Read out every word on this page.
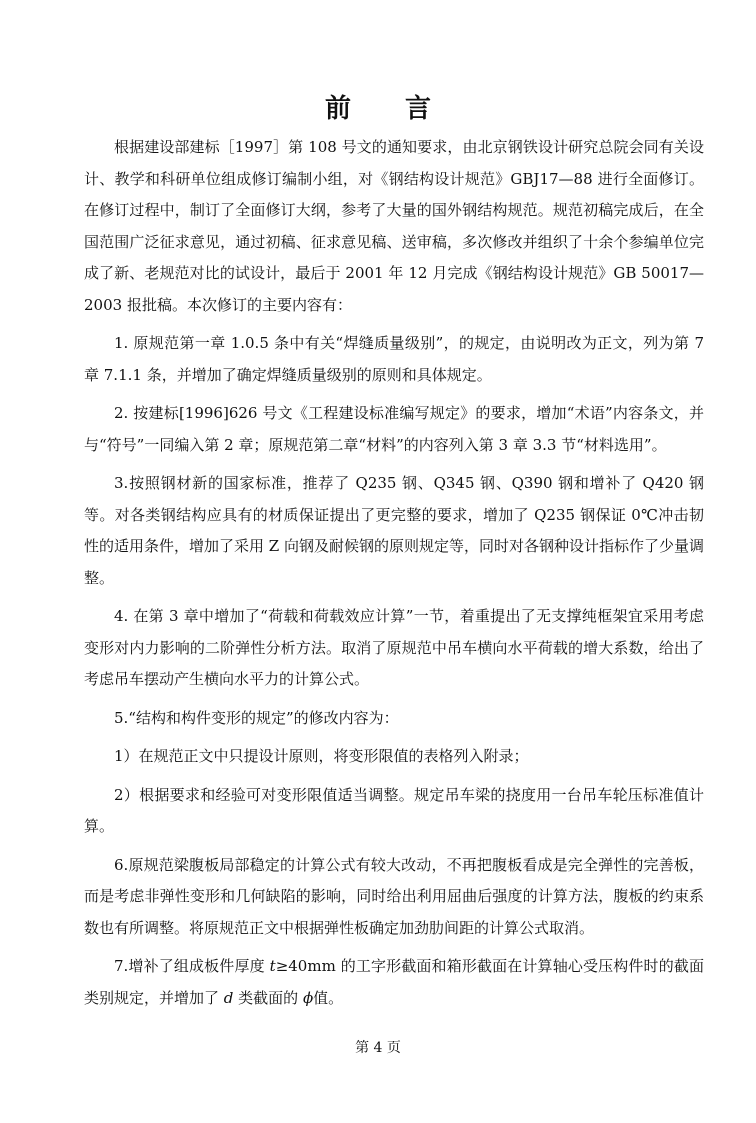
前 言

根据建设部建标［1997］第 108 号文的通知要求，由北京钢铁设计研究总院会同有关设计、教学和科研单位组成修订编制小组，对《钢结构设计规范》GBJ17—88 进行全面修订。在修订过程中，制订了全面修订大纲，参考了大量的国外钢结构规范。规范初稿完成后，在全国范围广泛征求意见，通过初稿、征求意见稿、送审稿，多次修改并组织了十余个参编单位完成了新、老规范对比的试设计，最后于 2001 年 12 月完成《钢结构设计规范》GB 50017—2003 报批稿。本次修订的主要内容有：

1. 原规范第一章 1.0.5 条中有关“焊缝质量级别”，的规定，由说明改为正文，列为第 7 章 7.1.1 条，并增加了确定焊缝质量级别的原则和具体规定。

2. 按建标[1996]626 号文《工程建设标准编写规定》的要求，增加“术语”内容条文，并与“符号”一同编入第 2 章；原规范第二章“材料”的内容列入第 3 章 3.3 节“材料选用”。

3.按照钢材新的国家标准，推荐了 Q235 钢、Q345 钢、Q390 钢和增补了 Q420 钢等。对各类钢结构应具有的材质保证提出了更完整的要求，增加了 Q235 钢保证 0℃冲击韧性的适用条件，增加了采用 Z 向钢及耐候钢的原则规定等，同时对各钢种设计指标作了少量调整。

4. 在第 3 章中增加了“荷载和荷载效应计算”一节，着重提出了无支撑纯框架宜采用考虑变形对内力影响的二阶弹性分析方法。取消了原规范中吊车横向水平荷载的增大系数，给出了考虑吊车摆动产生横向水平力的计算公式。

5.“结构和构件变形的规定”的修改内容为：

1）在规范正文中只提设计原则，将变形限值的表格列入附录；

2）根据要求和经验可对变形限值适当调整。规定吊车梁的挠度用一台吊车轮压标准值计算。

6.原规范梁腹板局部稳定的计算公式有较大改动，不再把腹板看成是完全弹性的完善板，而是考虑非弹性变形和几何缺陷的影响，同时给出利用屈曲后强度的计算方法，腹板的约束系数也有所调整。将原规范正文中根据弹性板确定加劲肋间距的计算公式取消。

7.增补了组成板件厚度 t≥40mm 的工字形截面和箱形截面在计算轴心受压构件时的截面类别规定，并增加了 d 类截面的 ϕ值。

第 4 页
